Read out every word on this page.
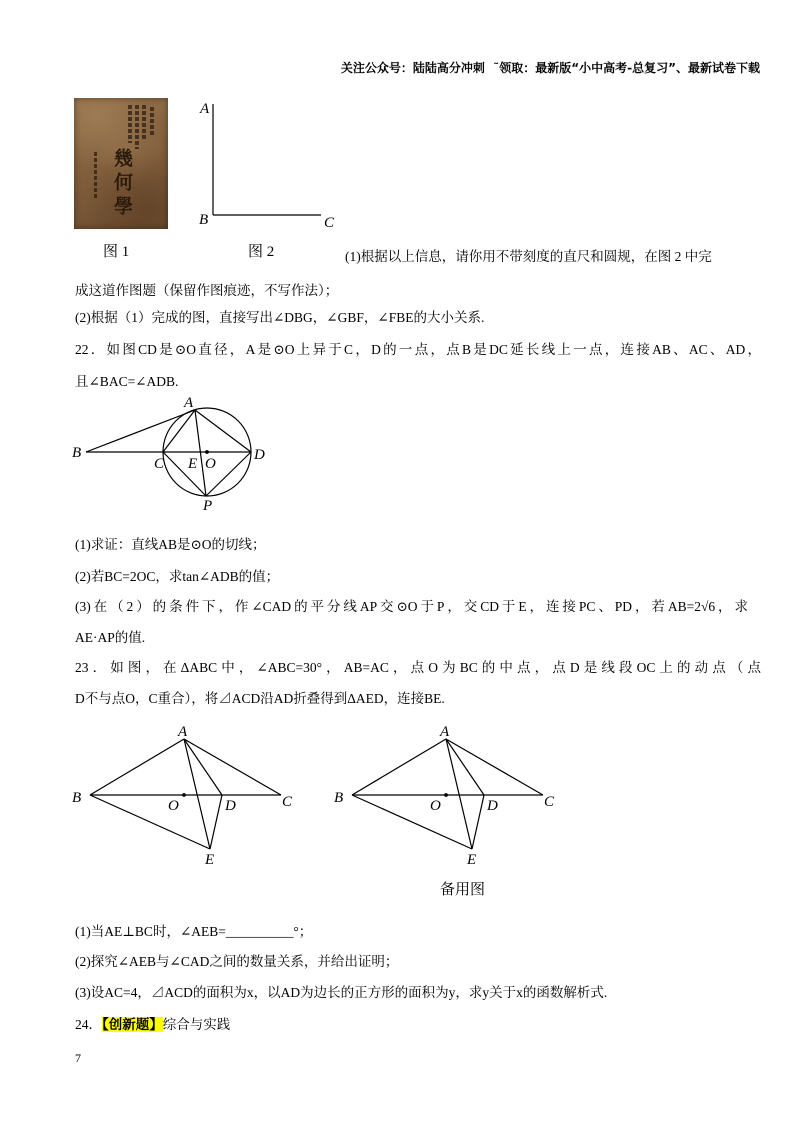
关注公众号：陆陆高分冲刺  ˜领取：最新版“小中高考-总复习”、最新试卷下载
幾何學
图 1	图 2	(1)根据以上信息，请你用不带刻度的直尺和圆规，在图 2 中完
成这道作图题（保留作图痕迹，不写作法）；
(2)根据（1）完成的图，直接写出∠DBG，∠GBF，∠FBE的大小关系.
22．如图CD是⊙O直径，A是⊙O上异于C，D的一点，点B是DC延长线上一点，连接AB、AC、AD，
且∠BAC=∠ADB.
(1)求证：直线AB是⊙O的切线；
(2)若BC=2OC，求tan∠ADB的值；
(3)在（2）的条件下，作∠CAD的平分线AP交⊙O于P，交CD于E，连接PC、PD，若AB=2√6，求
AE·AP的值.
23．如图，在ΔABC中，∠ABC=30°，AB=AC，点O为BC的中点，点D是线段OC上的动点（点
D不与点O，C重合），将⊿ACD沿AD折叠得到ΔAED，连接BE.
备用图
(1)当AE⊥BC时，∠AEB=__________°；
(2)探究∠AEB与∠CAD之间的数量关系，并给出证明；
(3)设AC=4，⊿ACD的面积为x，以AD为边长的正方形的面积为y，求y关于x的函数解析式.
24．【创新题】综合与实践
7
A
B	C
A
B
C E O
D
P
A
B	C
O	D
E
A
B	C
O	D
E
